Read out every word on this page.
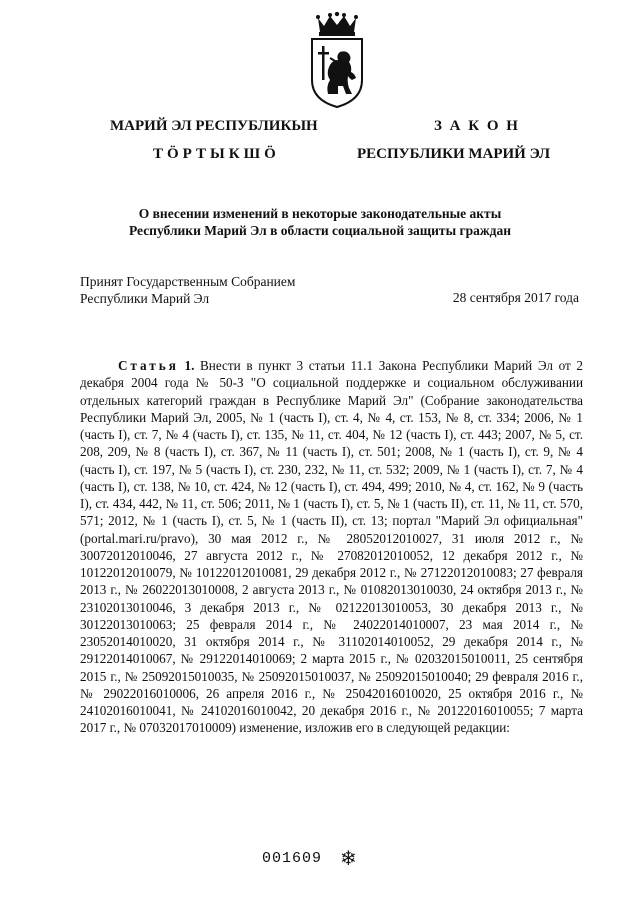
МАРИЙ ЭЛ РЕСПУБЛИКЫН
ТӦРТЫКШӦ
З А К О Н
РЕСПУБЛИКИ МАРИЙ ЭЛ
О внесении изменений в некоторые законодательные акты
Республики Марий Эл в области социальной защиты граждан
Принят Государственным Собранием
Республики Марий Эл	28 сентября 2017 года

Статья 1. Внести в пункт 3 статьи 11.1 Закона Республики Марий Эл от 2 декабря 2004 года № 50-З "О социальной поддержке и социальном обслуживании отдельных категорий граждан в Республике Марий Эл" (Собрание законодательства Республики Марий Эл, 2005, № 1 (часть I), ст. 4, № 4, ст. 153, № 8, ст. 334; 2006, № 1 (часть I), ст. 7, № 4 (часть I), ст. 135, № 11, ст. 404, № 12 (часть I), ст. 443; 2007, № 5, ст. 208, 209, № 8 (часть I), ст. 367, № 11 (часть I), ст. 501; 2008, № 1 (часть I), ст. 9, № 4 (часть I), ст. 197, № 5 (часть I), ст. 230, 232, № 11, ст. 532; 2009, № 1 (часть I), ст. 7, № 4 (часть I), ст. 138, № 10, ст. 424, № 12 (часть I), ст. 494, 499; 2010, № 4, ст. 162, № 9 (часть I), ст. 434, 442, № 11, ст. 506; 2011, № 1 (часть I), ст. 5, № 1 (часть II), ст. 11, № 11, ст. 570, 571; 2012, № 1 (часть I), ст. 5, № 1 (часть II), ст. 13; портал "Марий Эл официальная" (portal.mari.ru/pravo), 30 мая 2012 г., № 28052012010027, 31 июля 2012 г., № 30072012010046, 27 августа 2012 г., № 27082012010052, 12 декабря 2012 г., № 10122012010079, № 10122012010081, 29 декабря 2012 г., № 27122012010083; 27 февраля 2013 г., № 26022013010008, 2 августа 2013 г., № 01082013010030, 24 октября 2013 г., № 23102013010046, 3 декабря 2013 г., № 02122013010053, 30 декабря 2013 г., № 30122013010063; 25 февраля 2014 г., № 24022014010007, 23 мая 2014 г., № 23052014010020, 31 октября 2014 г., № 31102014010052, 29 декабря 2014 г., № 29122014010067, № 29122014010069; 2 марта 2015 г., № 02032015010011, 25 сентября 2015 г., № 25092015010035, № 25092015010037, № 25092015010040; 29 февраля 2016 г., № 29022016010006, 26 апреля 2016 г., № 25042016010020, 25 октября 2016 г., № 24102016010041, № 24102016010042, 20 декабря 2016 г., № 20122016010055; 7 марта 2017 г., № 07032017010009) изменение, изложив его в следующей редакции:

001609 ❄
